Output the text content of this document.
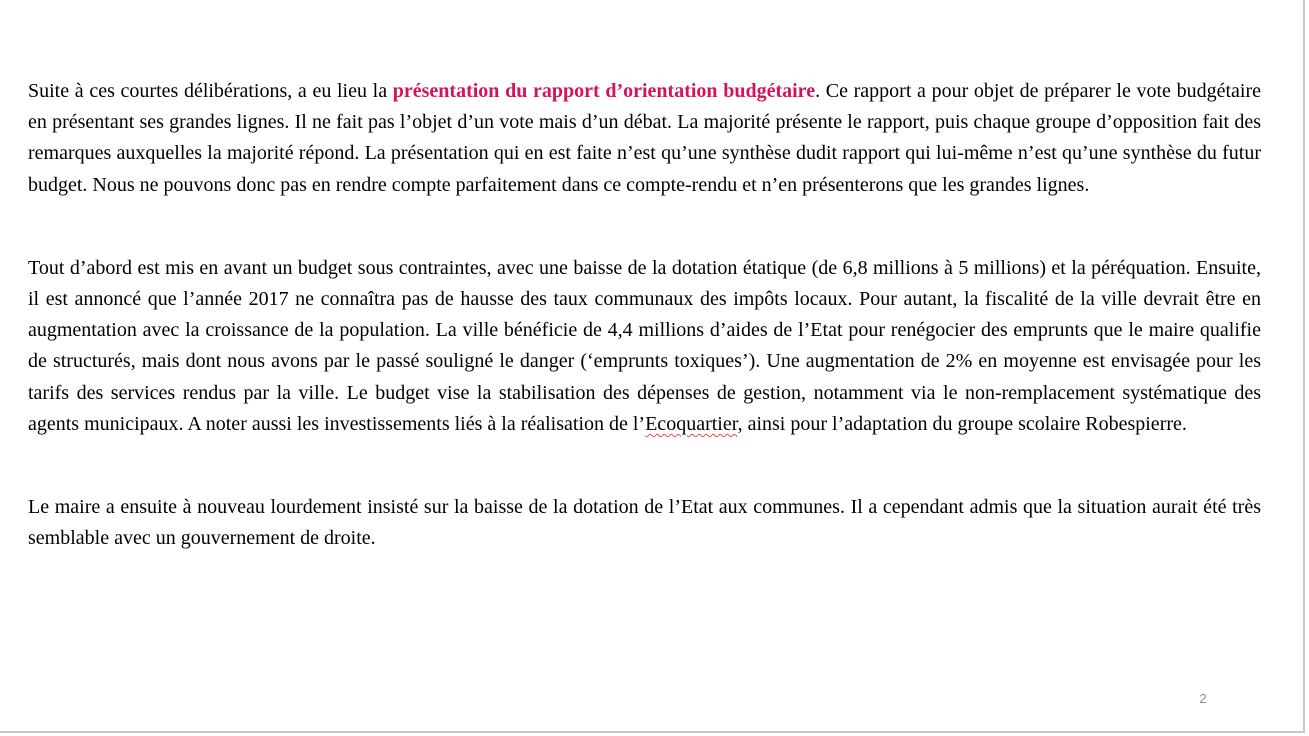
Suite à ces courtes délibérations, a eu lieu la présentation du rapport d’orientation budgétaire. Ce rapport a pour objet de préparer le vote budgétaire en présentant ses grandes lignes. Il ne fait pas l’objet d’un vote mais d’un débat. La majorité présente le rapport, puis chaque groupe d’opposition fait des remarques auxquelles la majorité répond. La présentation qui en est faite n’est qu’une synthèse dudit rapport qui lui-même n’est qu’une synthèse du futur budget. Nous ne pouvons donc pas en rendre compte parfaitement dans ce compte-rendu et n’en présenterons que les grandes lignes.

Tout d’abord est mis en avant un budget sous contraintes, avec une baisse de la dotation étatique (de 6,8 millions à 5 millions) et la péréquation. Ensuite, il est annoncé que l’année 2017 ne connaîtra pas de hausse des taux communaux des impôts locaux. Pour autant, la fiscalité de la ville devrait être en augmentation avec la croissance de la population. La ville bénéficie de 4,4 millions d’aides de l’Etat pour renégocier des emprunts que le maire qualifie de structurés, mais dont nous avons par le passé souligné le danger (‘emprunts toxiques’). Une augmentation de 2% en moyenne est envisagée pour les tarifs des services rendus par la ville. Le budget vise la stabilisation des dépenses de gestion, notamment via le non-remplacement systématique des agents municipaux. A noter aussi les investissements liés à la réalisation de l’Ecoquartier, ainsi pour l’adaptation du groupe scolaire Robespierre.

Le maire a ensuite à nouveau lourdement insisté sur la baisse de la dotation de l’Etat aux communes. Il a cependant admis que la situation aurait été très semblable avec un gouvernement de droite.

2
